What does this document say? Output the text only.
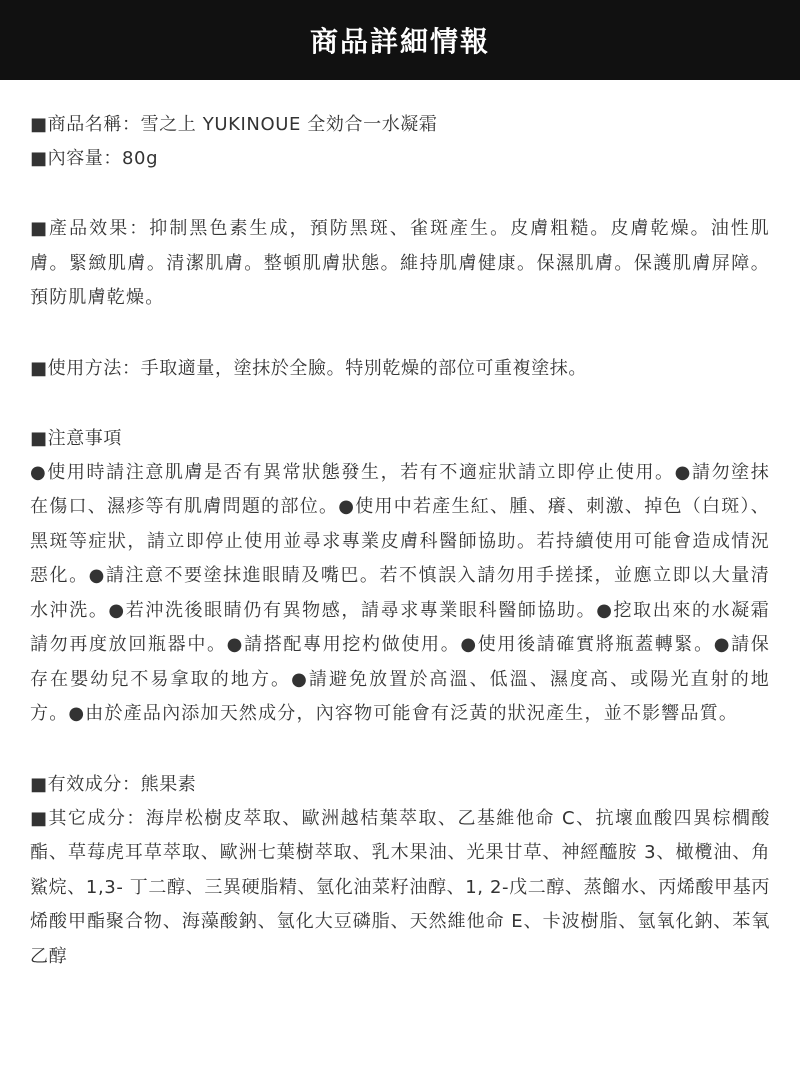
商品詳細情報

■商品名稱：雪之上 YUKINOUE 全効合一水凝霜

■內容量：80g

■產品效果：抑制黑色素生成，預防黑斑、雀斑產生。皮膚粗糙。皮膚乾燥。油性肌膚。緊緻肌膚。清潔肌膚。整頓肌膚狀態。維持肌膚健康。保濕肌膚。保護肌膚屏障。預防肌膚乾燥。

■使用方法：手取適量，塗抹於全臉。特別乾燥的部位可重複塗抹。

■注意事項

●使用時請注意肌膚是否有異常狀態發生，若有不適症狀請立即停止使用。●請勿塗抹在傷口、濕疹等有肌膚問題的部位。●使用中若產生紅、腫、癢、刺激、掉色（白斑）、黑斑等症狀，請立即停止使用並尋求專業皮膚科醫師協助。若持續使用可能會造成情況惡化。●請注意不要塗抹進眼睛及嘴巴。若不慎誤入請勿用手搓揉，並應立即以大量清水沖洗。●若沖洗後眼睛仍有異物感，請尋求專業眼科醫師協助。●挖取出來的水凝霜請勿再度放回瓶器中。●請搭配專用挖杓做使用。●使用後請確實將瓶蓋轉緊。●請保存在嬰幼兒不易拿取的地方。●請避免放置於高溫、低溫、濕度高、或陽光直射的地方。●由於產品內添加天然成分，內容物可能會有泛黃的狀況產生，並不影響品質。

■有效成分：熊果素

■其它成分：海岸松樹皮萃取、歐洲越桔葉萃取、乙基維他命 C、抗壞血酸四異棕櫚酸酯、草莓虎耳草萃取、歐洲七葉樹萃取、乳木果油、光果甘草、神經醯胺 3、橄欖油、角鯊烷、1,3- 丁二醇、三異硬脂精、氫化油菜籽油醇、1, 2-戊二醇、蒸餾水、丙烯酸甲基丙烯酸甲酯聚合物、海藻酸鈉、氫化大豆磷脂、天然維他命 E、卡波樹脂、氫氧化鈉、苯氧乙醇
